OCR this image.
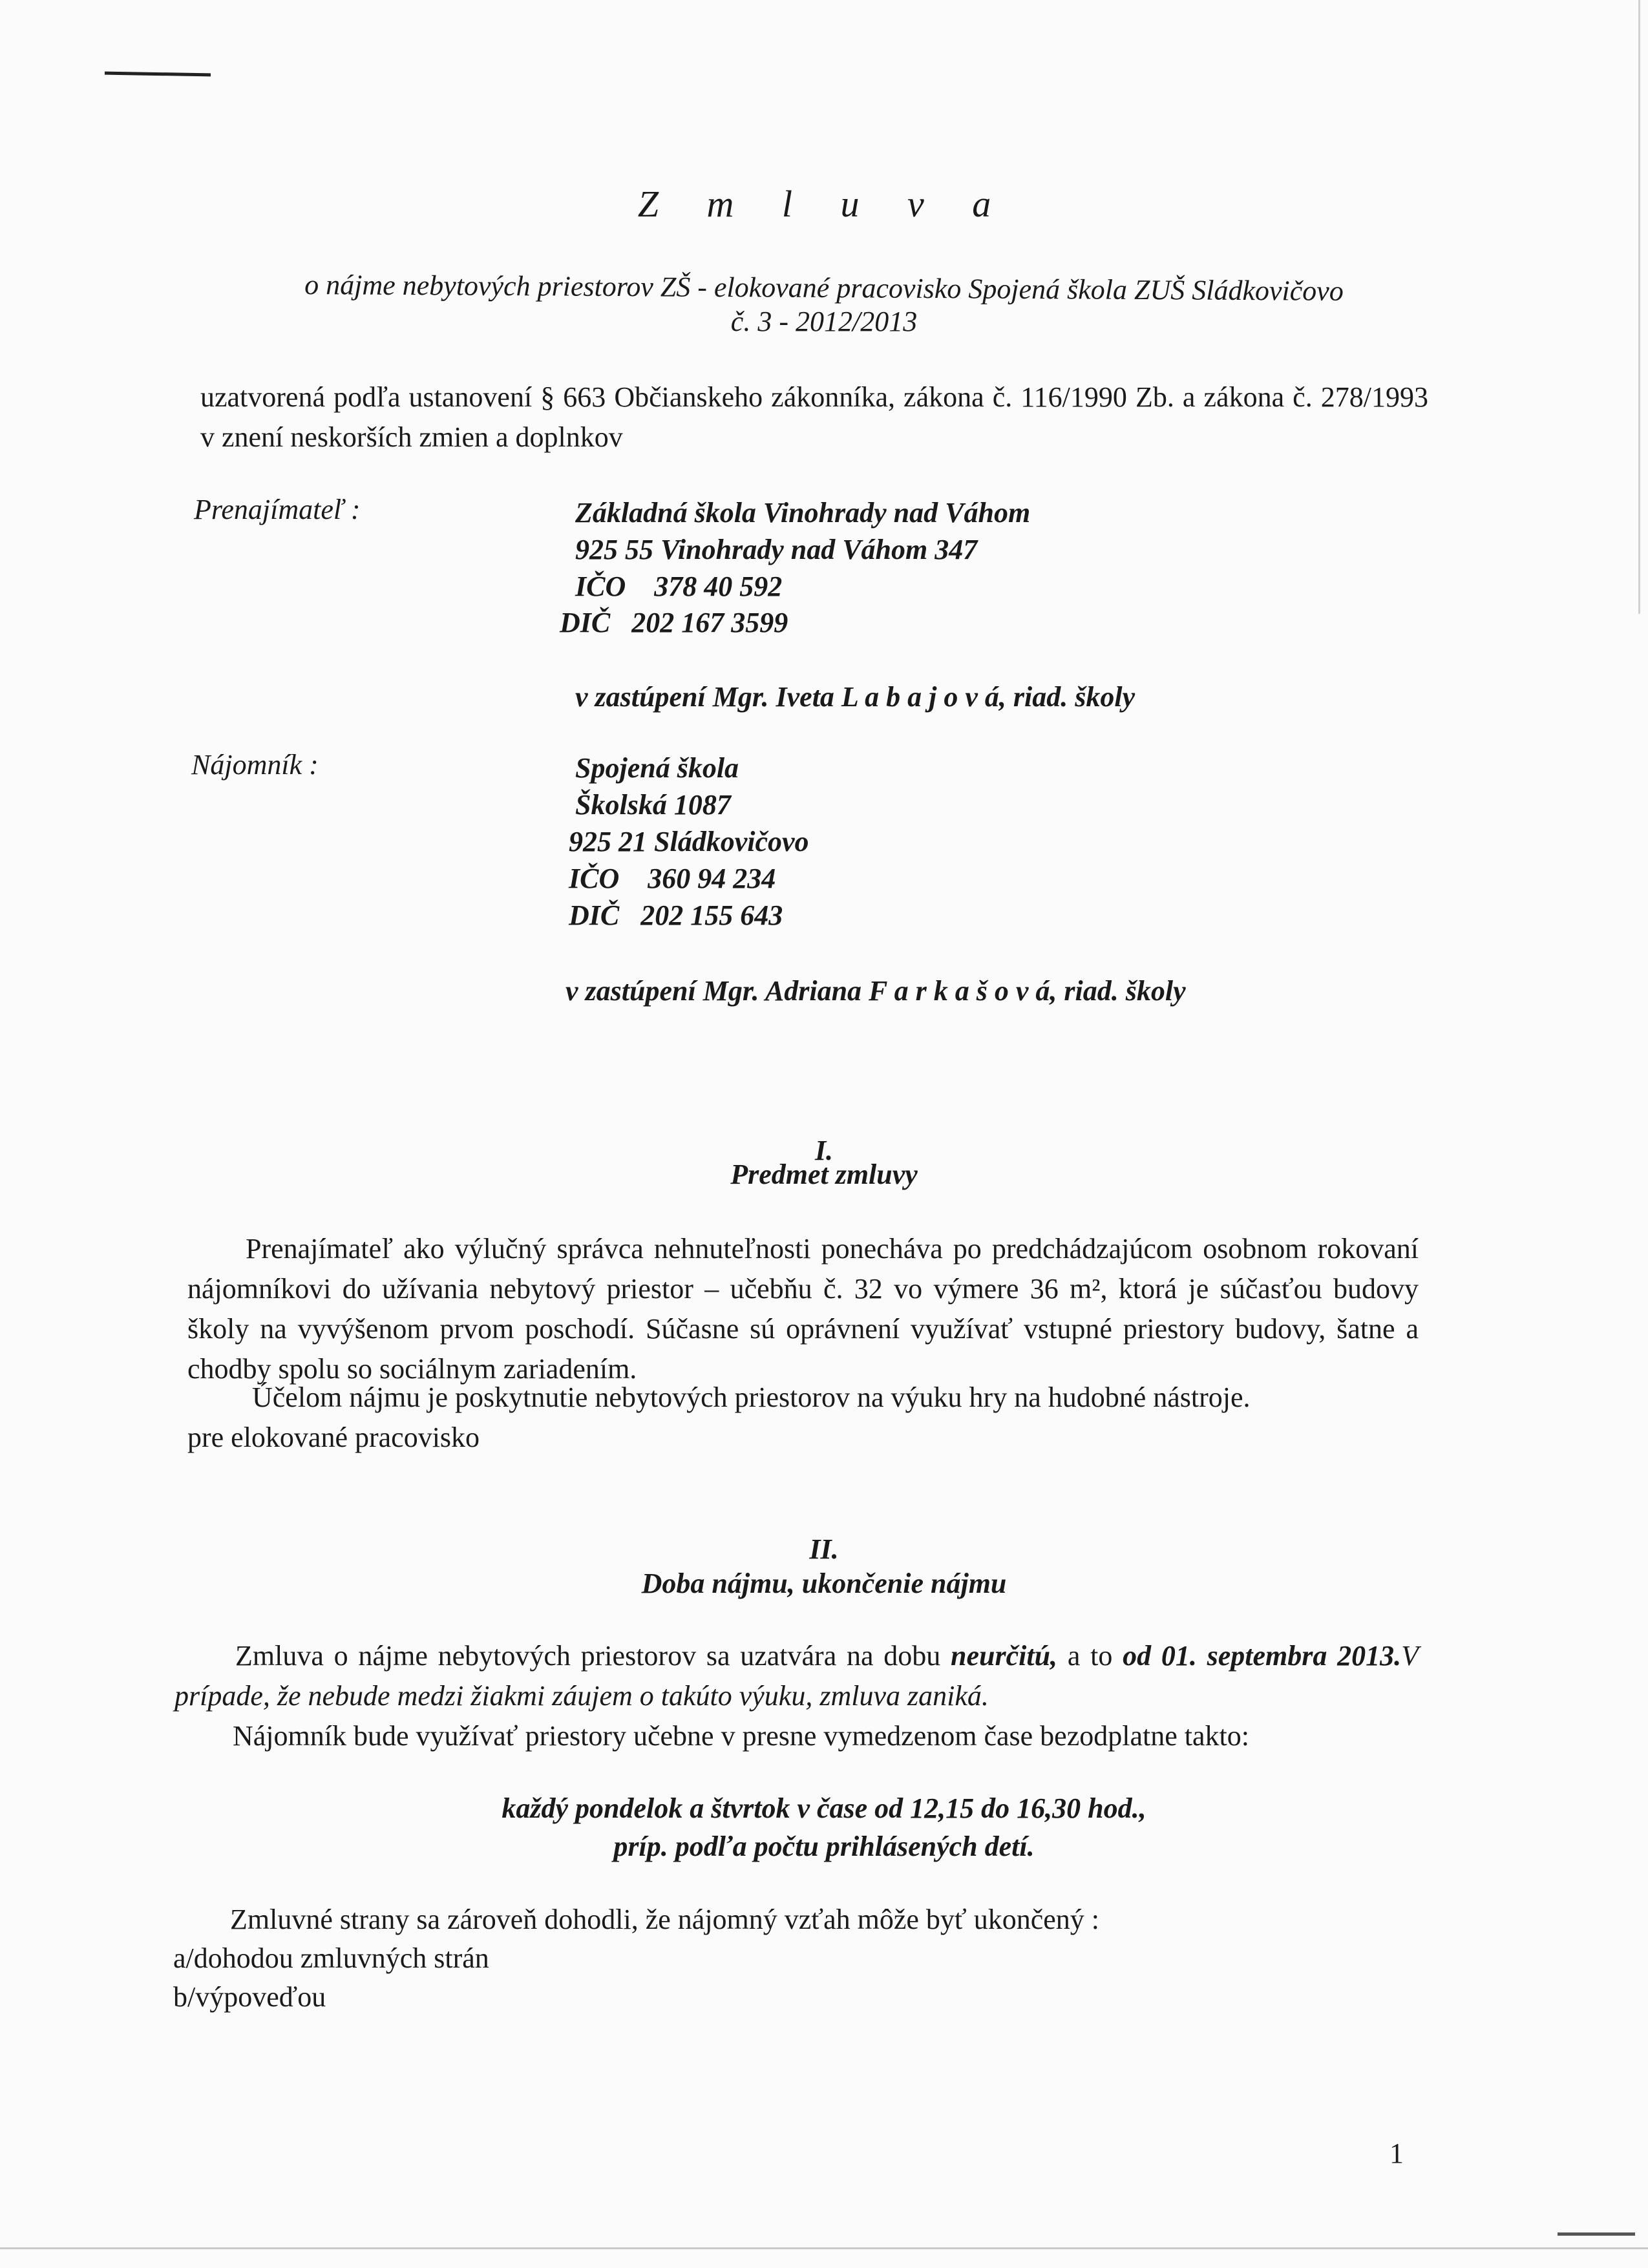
Z m l u v a
o nájme nebytových priestorov ZŠ - elokované pracovisko Spojená škola ZUŠ Sládkovičovo
č. 3 - 2012/2013
uzatvorená podľa ustanovení § 663 Občianskeho zákonníka, zákona č. 116/1990 Zb. a zákona č. 278/1993 v znení neskorších zmien a doplnkov
Prenajímateľ :	Základná škola Vinohrady nad Váhom
925 55 Vinohrady nad Váhom 347
IČO    378 40 592
DIČ   202 167 3599
v zastúpení Mgr. Iveta L a b a j o v á, riad. školy
Nájomník :	Spojená škola
Školská 1087
925 21 Sládkovičovo
IČO    360 94 234
DIČ   202 155 643
v zastúpení Mgr. Adriana F a r k a š o v á, riad. školy
I.
Predmet zmluvy
Prenajímateľ ako výlučný správca nehnuteľnosti ponecháva po predchádzajúcom osobnom rokovaní nájomníkovi do užívania nebytový priestor – učebňu č. 32 vo výmere 36 m², ktorá je súčasťou budovy školy na vyvýšenom prvom poschodí. Súčasne sú oprávnení využívať vstupné priestory budovy, šatne a chodby spolu so sociálnym zariadením.
Účelom nájmu je poskytnutie nebytových priestorov na výuku hry na hudobné nástroje.
pre elokované pracovisko
II.
Doba nájmu, ukončenie nájmu
Zmluva o nájme nebytových priestorov sa uzatvára na dobu neurčitú, a to od 01. septembra 2013.V prípade, že nebude medzi žiakmi záujem o takúto výuku, zmluva zaniká.
Nájomník bude využívať priestory učebne v presne vymedzenom čase bezodplatne takto:
každý pondelok a štvrtok v čase od 12,15 do 16,30 hod.,
príp. podľa počtu prihlásených detí.
Zmluvné strany sa zároveň dohodli, že nájomný vzťah môže byť ukončený :
a/dohodou zmluvných strán
b/výpoveďou
1
